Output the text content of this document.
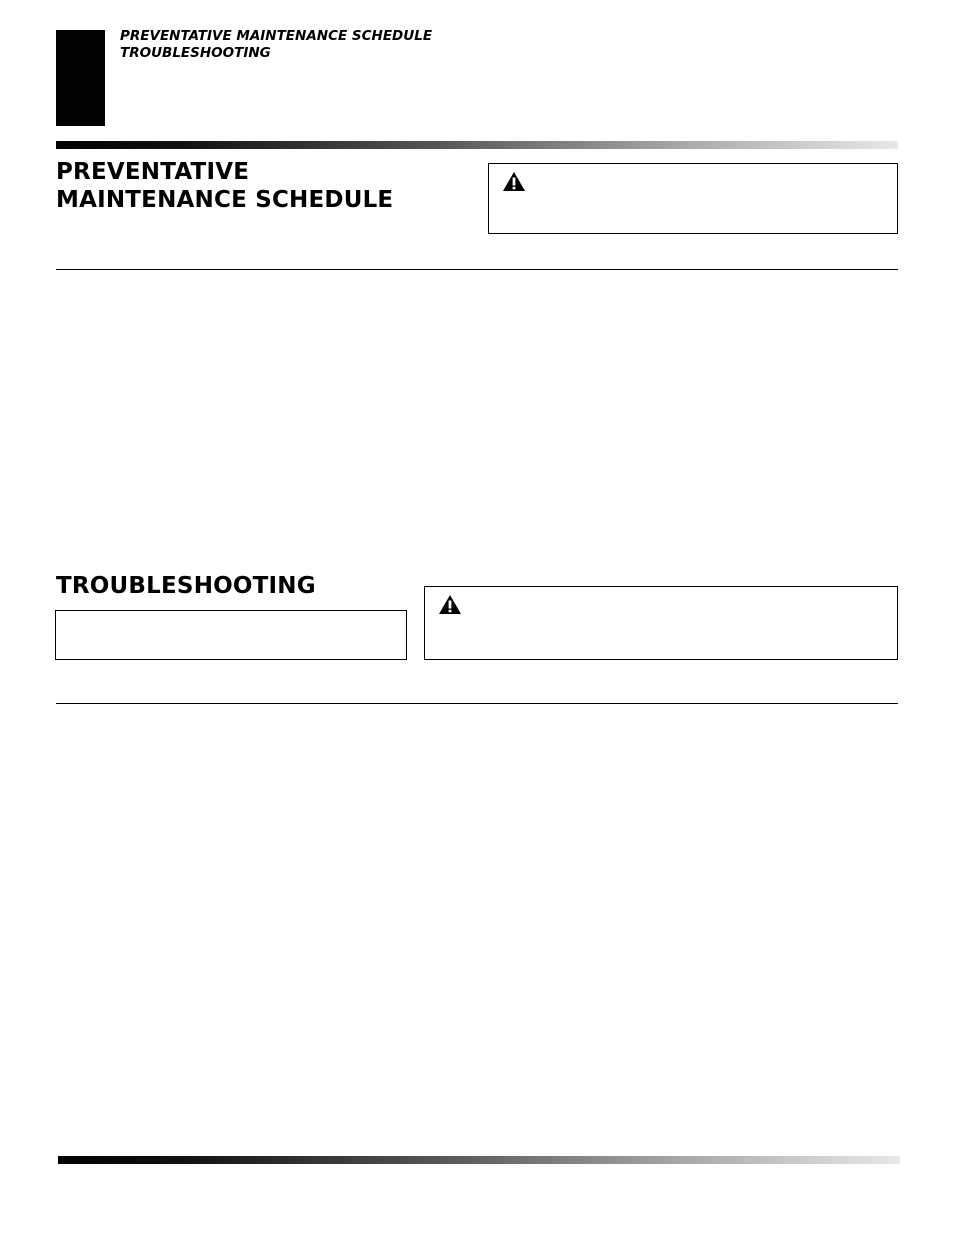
PREVENTATIVE MAINTENANCE SCHEDULE
TROUBLESHOOTING
PREVENTATIVE
MAINTENANCE SCHEDULE
TROUBLESHOOTING
